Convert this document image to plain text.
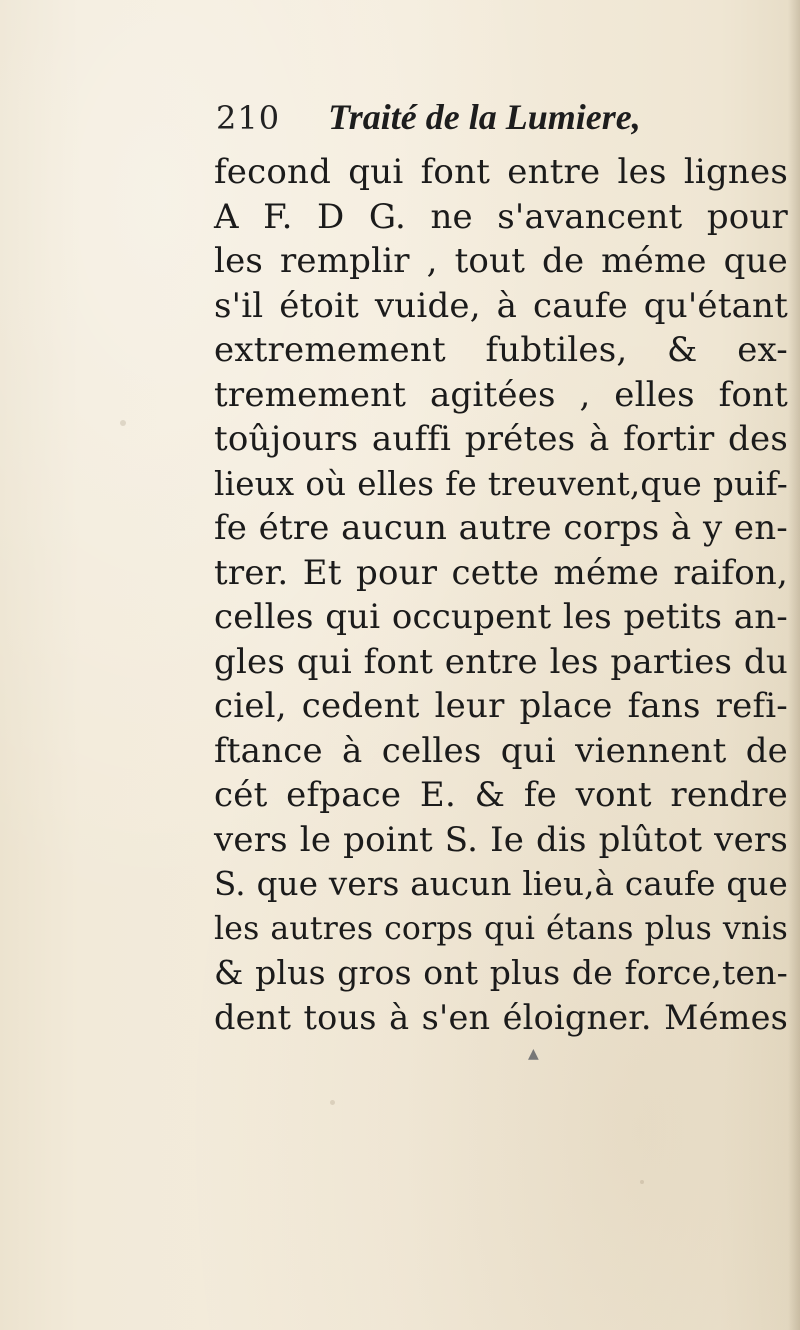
210 Traité de la Lumiere,
fecond qui font entre les lignes
A F. D G. ne s'avancent pour
les remplir , tout de méme que
s'il étoit vuide, à caufe qu'étant
extremement fubtiles, & ex-
tremement agitées , elles font
toûjours auffi prétes à fortir des
lieux où elles fe treuvent,que puif-
fe étre aucun autre corps à y en-
trer. Et pour cette méme raifon,
celles qui occupent les petits an-
gles qui font entre les parties du
ciel, cedent leur place fans refi-
ftance à celles qui viennent de
cét efpace E. & fe vont rendre
vers le point S. Ie dis plûtot vers
S. que vers aucun lieu,à caufe que
les autres corps qui étans plus vnis
& plus gros ont plus de force,ten-
dent tous à s'en éloigner. Mémes
▲
